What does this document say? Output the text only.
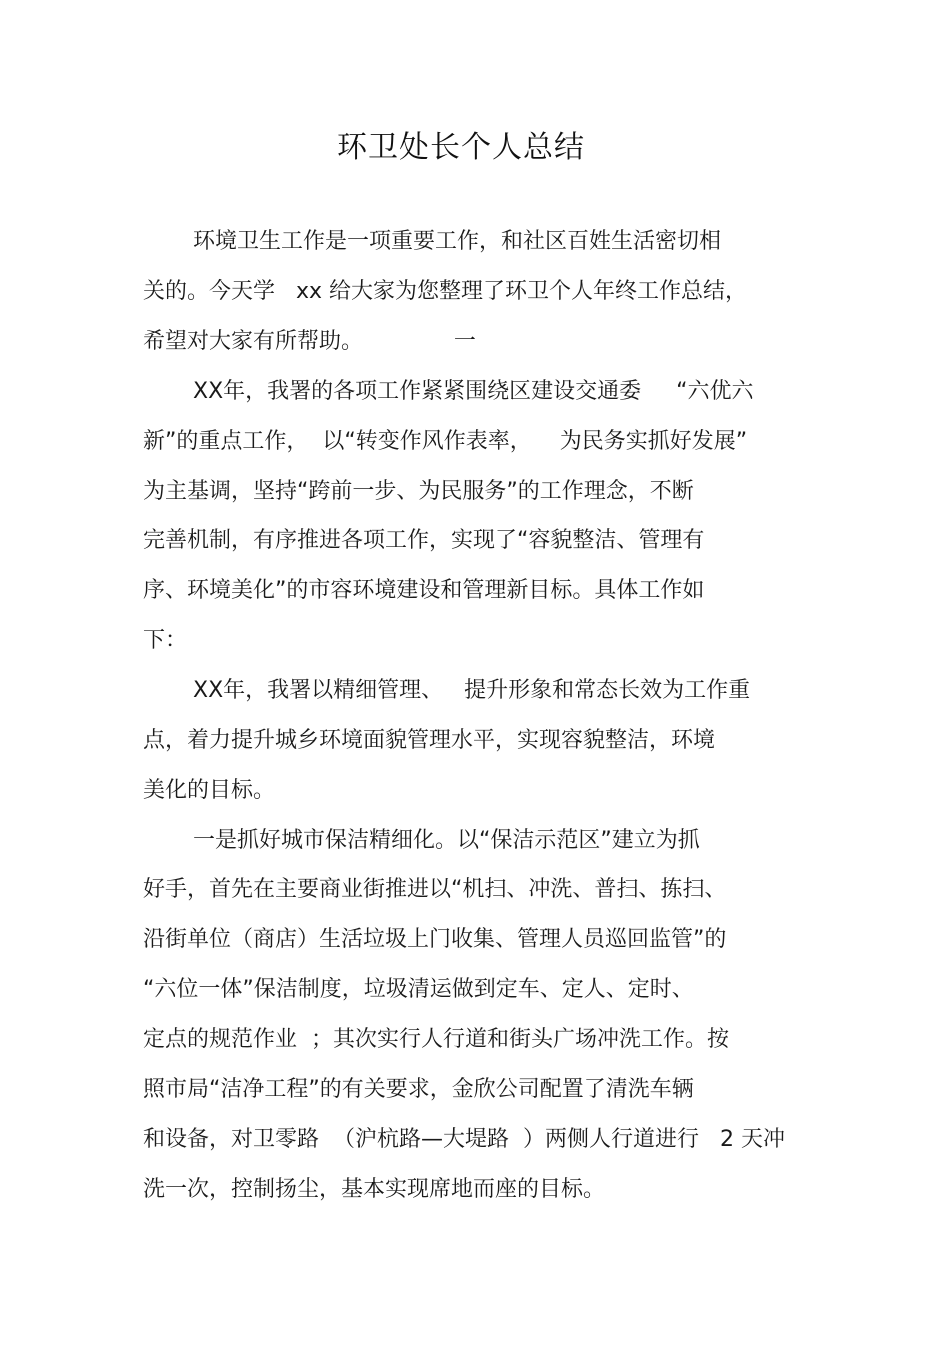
环卫处长个人总结
环境卫生工作是一项重要工作，和社区百姓生活密切相
关的。今天学   xx 给大家为您整理了环卫个人年终工作总结，
希望对大家有所帮助。             一
XX年，我署的各项工作紧紧围绕区建设交通委     “六优六
新”的重点工作，  以“转变作风作表率，    为民务实抓好发展”
为主基调，坚持“跨前一步、为民服务”的工作理念，不断
完善机制，有序推进各项工作，实现了“容貌整洁、管理有
序、环境美化”的市容环境建设和管理新目标。具体工作如
下：
XX年，我署以精细管理、   提升形象和常态长效为工作重
点，着力提升城乡环境面貌管理水平，实现容貌整洁，环境
美化的目标。
一是抓好城市保洁精细化。以“保洁示范区”建立为抓
好手，首先在主要商业街推进以“机扫、冲洗、普扫、拣扫、
沿街单位（商店）生活垃圾上门收集、管理人员巡回监管”的
“六位一体”保洁制度，垃圾清运做到定车、定人、定时、
定点的规范作业  ；其次实行人行道和街头广场冲洗工作。按
照市局“洁净工程”的有关要求，金欣公司配置了清洗车辆
和设备，对卫零路  （沪杭路—大堤路  ）两侧人行道进行   2 天冲
洗一次，控制扬尘，基本实现席地而座的目标。
